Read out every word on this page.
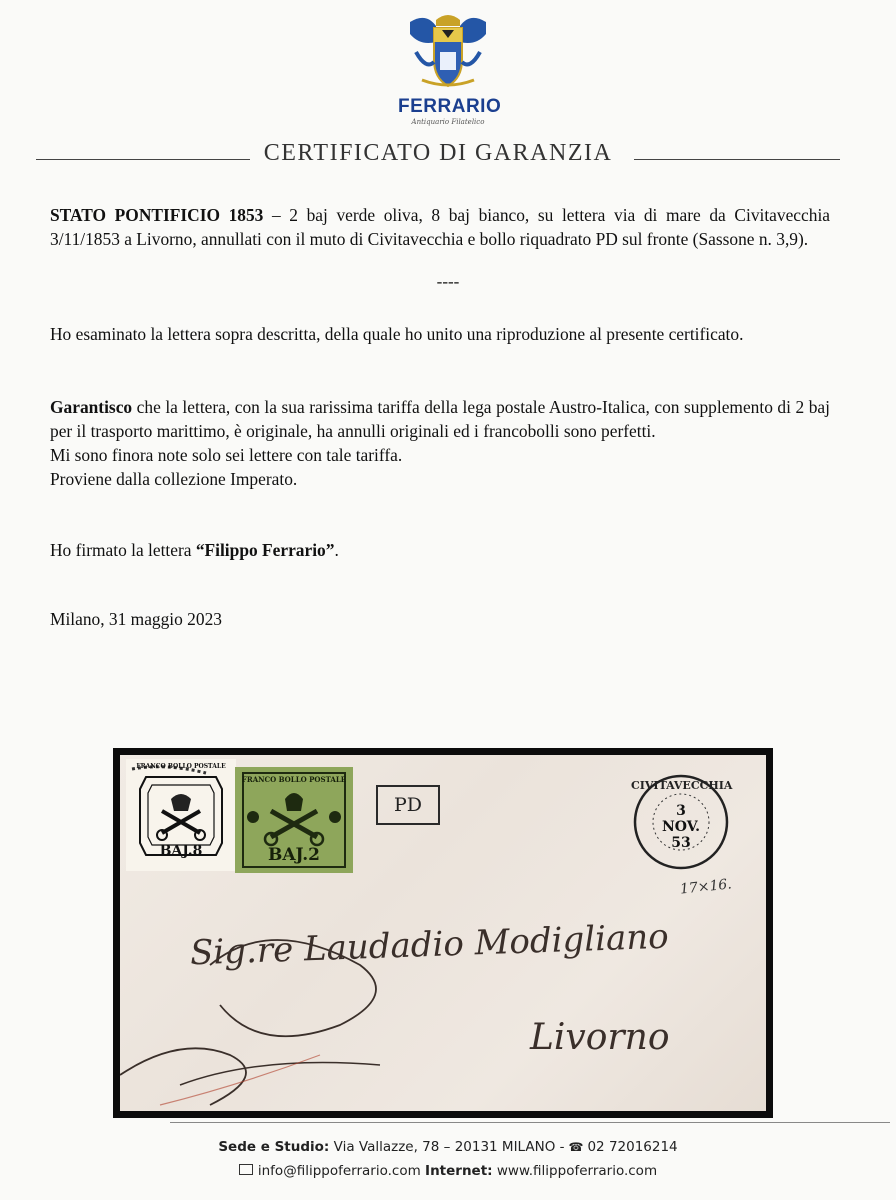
FERRARIO
Antiquario Filatelico
CERTIFICATO DI GARANZIA
STATO PONTIFICIO 1853 – 2 baj verde oliva, 8 baj bianco, su lettera via di mare da Civitavecchia 3/11/1853 a Livorno, annullati con il muto di Civitavecchia e bollo riquadrato PD sul fronte (Sassone n. 3,9).
----
Ho esaminato la lettera sopra descritta, della quale ho unito una riproduzione al presente certificato.
Garantisco che la lettera, con la sua rarissima tariffa della lega postale Austro-Italica, con supplemento di 2 baj per il trasporto marittimo, è originale, ha annulli originali ed i francobolli sono perfetti.
Mi sono finora note solo sei lettere con tale tariffa.
Proviene dalla collezione Imperato.
Ho firmato la lettera “Filippo Ferrario”.
Milano, 31 maggio 2023
FRANCO BOLLO POSTALE
BAJ.8
FRANCO BOLLO POSTALE
BAJ.2
PD
CIVITAVECCHIA
3
NOV.
53
17×16.
Sig.re Laudadio Modigliano
Livorno
Sede e Studio: Via Vallazze, 78 – 20131 MILANO - ☎ 02 72016214
info@filippoferrario.com Internet: www.filippoferrario.com
